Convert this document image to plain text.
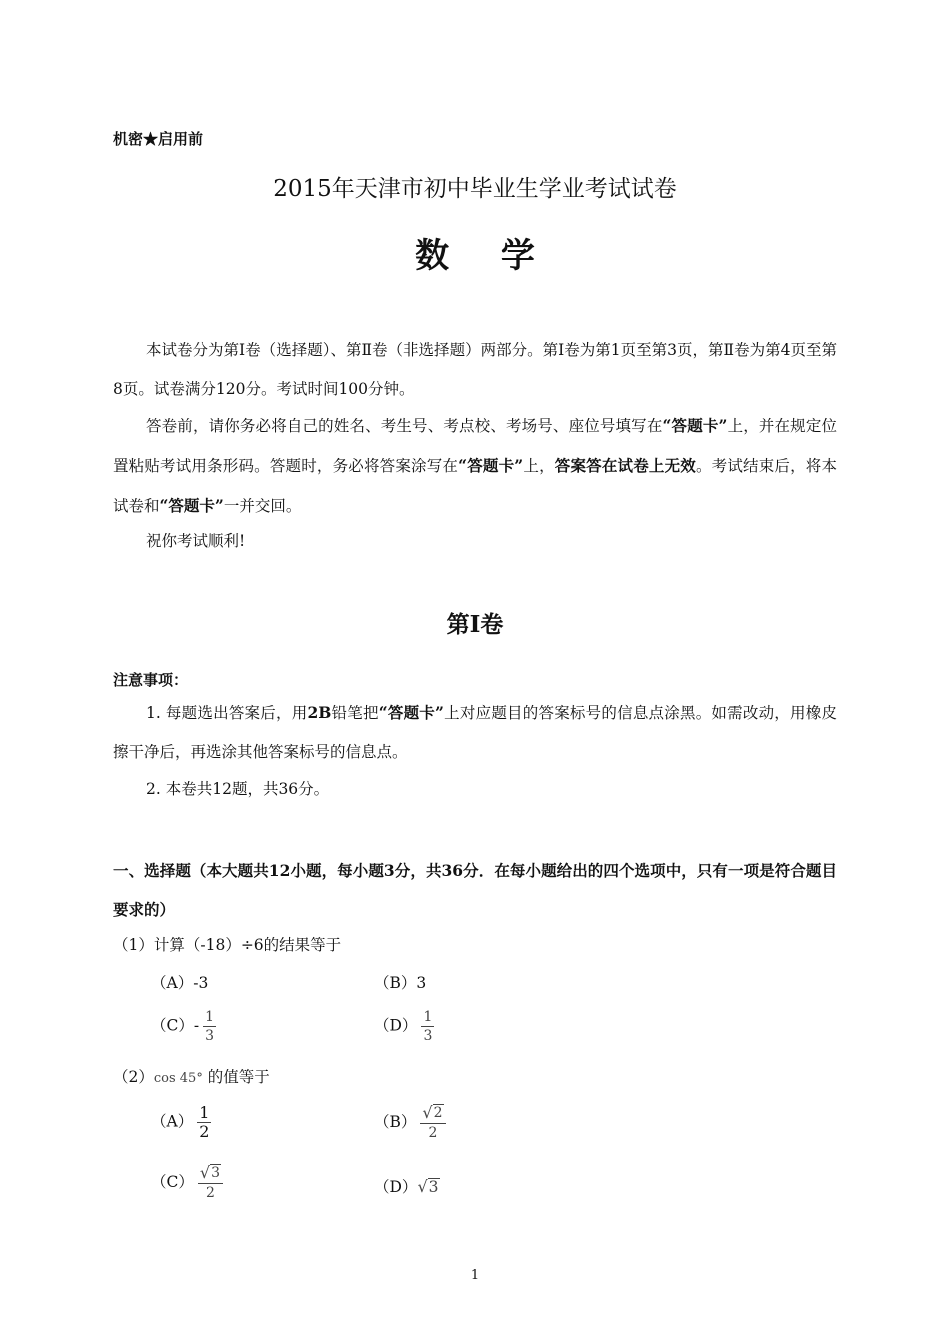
机密★启用前
2015年天津市初中毕业生学业考试试卷
数 学
本试卷分为第Ⅰ卷（选择题）、第Ⅱ卷（非选择题）两部分。第Ⅰ卷为第1页至第3页，第Ⅱ卷为第4页至第8页。试卷满分120分。考试时间100分钟。
答卷前，请你务必将自己的姓名、考生号、考点校、考场号、座位号填写在“答题卡”上，并在规定位置粘贴考试用条形码。答题时，务必将答案涂写在“答题卡”上，答案答在试卷上无效。考试结束后，将本试卷和“答题卡”一并交回。
祝你考试顺利!
第Ⅰ卷
注意事项：
1. 每题选出答案后，用2B铅笔把“答题卡”上对应题目的答案标号的信息点涂黑。如需改动，用橡皮擦干净后，再选涂其他答案标号的信息点。
2. 本卷共12题，共36分。
一、选择题（本大题共12小题，每小题3分，共36分．在每小题给出的四个选项中，只有一项是符合题目要求的）
（1）计算（-18）÷6的结果等于
（A）-3	（B）3
$(C)- \frac{1}{3}$	$(D) \frac{1}{3}$
（2）cos 45° 的值等于
$(A) \frac{1}{2}$	$(B) \frac{√ 2}{2}$
$(C) \frac{√ 3}{2}$	（D） √ 3
1
